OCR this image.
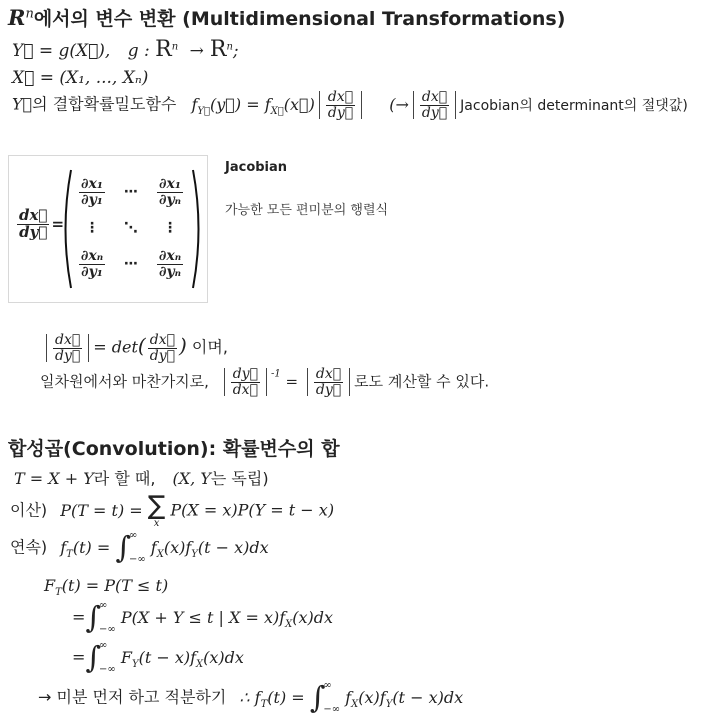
$R^n$에서의 변수 변환 (Multidimensional Transformations)
Y⃗ = g(X⃗), g : $R^n \to R^n$;
X⃗ = (X₁, ..., Xₙ)
Y⃗의 결합확률밀도함수 $f_{Y⃗}(y⃗)$ = $f_{X⃗}(x⃗) \frac{dx⃗}{dy⃗}$ (→ $\frac{dx⃗}{dy⃗}$ Jacobian의 determinant의 절댓값)
$\frac{dx⃗}{dy⃗}$ =
$\frac{\text{∂x₁}}{\text{∂y₁}}$ ⋯ $\frac{\text{∂x₁}}{\text{∂yₙ}}$
⋮ ⋱ ⋮
$\frac{\text{∂xₙ}}{\text{∂y₁}}$ ⋯ $\frac{\text{∂xₙ}}{\text{∂yₙ}}$
Jacobian
가능한 모든 편미분의 행렬식
$\frac{dx⃗}{dy⃗} = \det( \frac{dx⃗}{dy⃗}$ ) 이며,
일차원에서와 마찬가지로, $\frac{dy⃗}{dx⃗} ^{-1} = \frac{dx⃗}{dy⃗}$ 로도 계산할 수 있다.
합성곱(Convolution): 확률변수의 합
T = X + Y라 할 때, (X, Y는 독립)
이산) P(T = t) = ∑
x
P(X = x)P(Y = t − x)
연속) $f_T(t)$ = ∫
∞
−∞
$f_X(x)f_Y(t - x)dx$
$F_T(t) = P(T \le t)$
=∫
∞
−∞
P(X + Y ≤ t | $X = x)f_X(x)dx$
=∫
∞
−∞
$F_Y(t - x)f_X(x)dx$
→ 미분 먼저 하고 적분하기 ∴ $f_T(t)$ = ∫
∞
−∞
$f_X(x)f_Y(t - x)dx$
